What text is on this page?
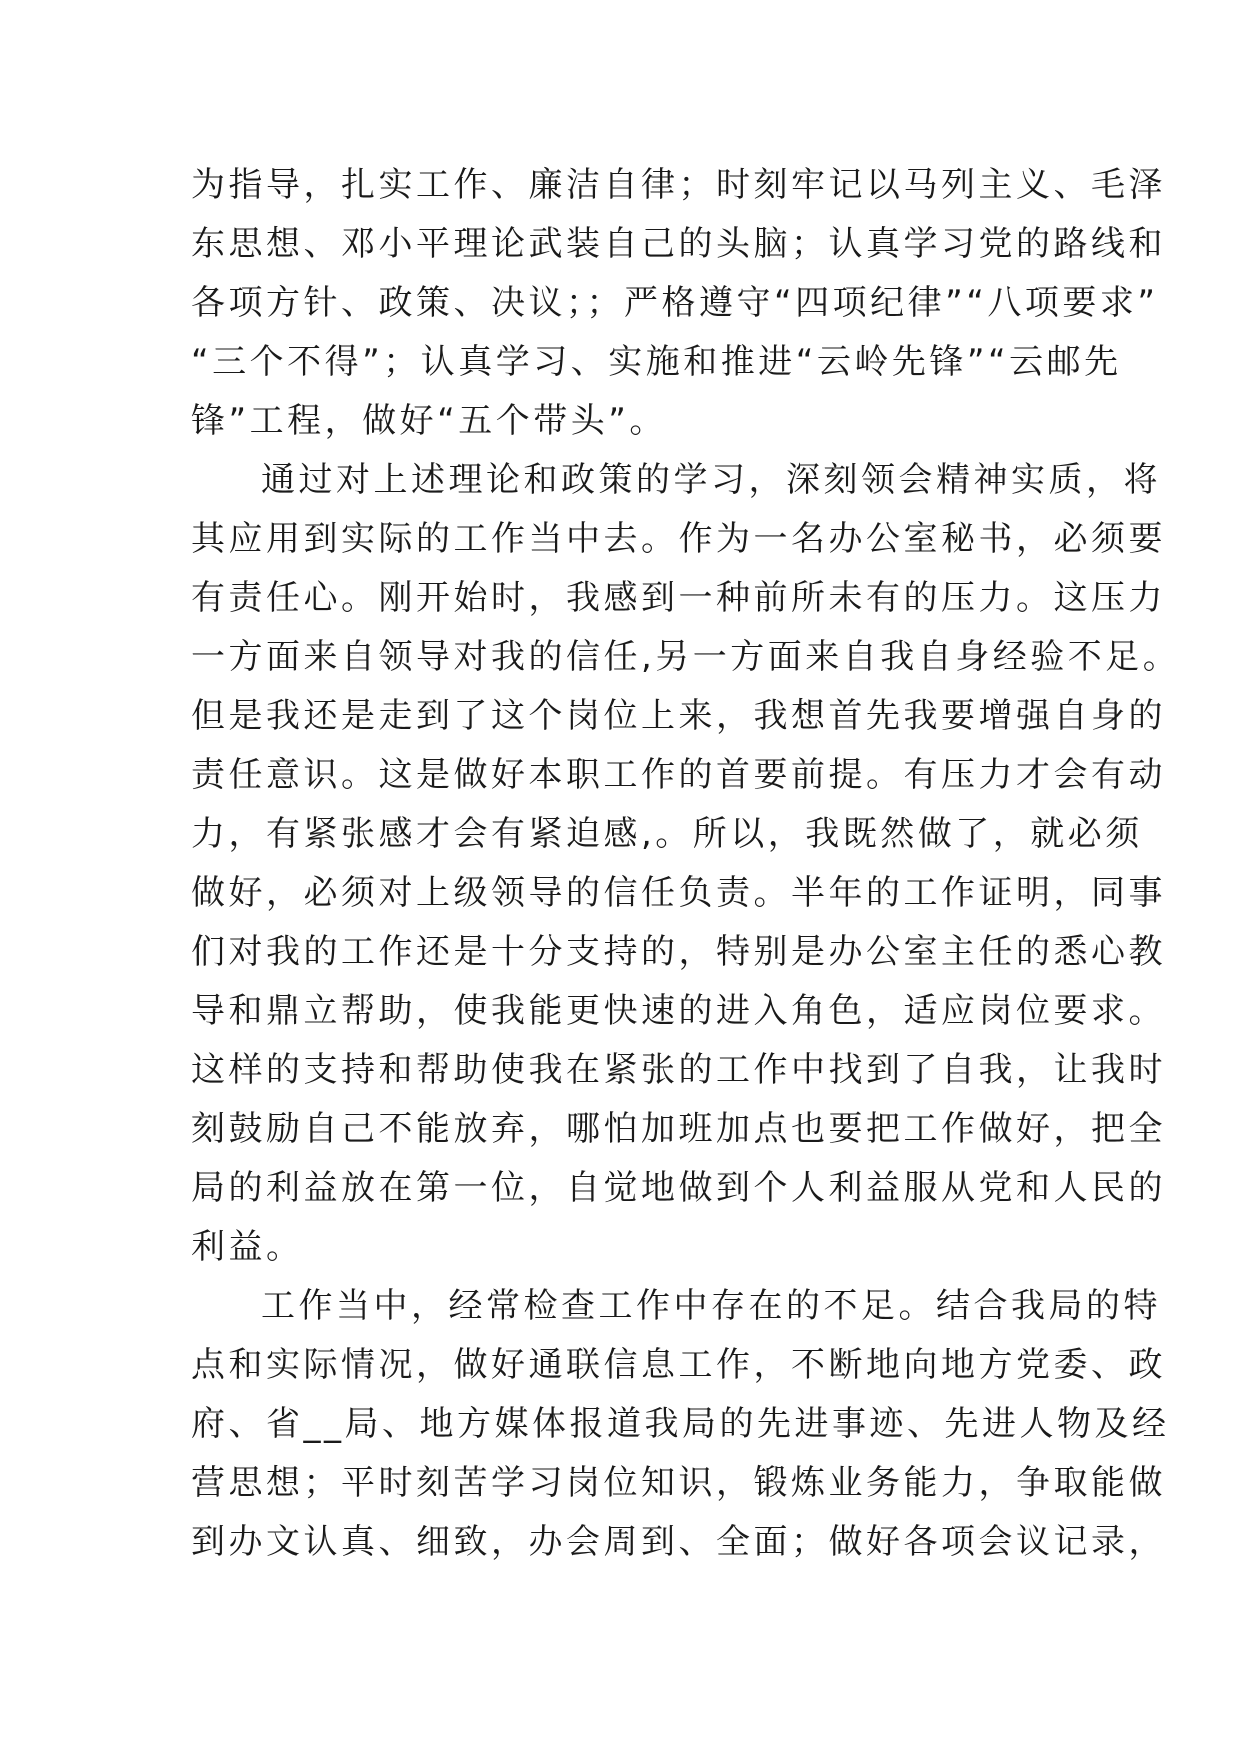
为指导，扎实工作、廉洁自律；时刻牢记以马列主义、毛泽
东思想、邓小平理论武装自己的头脑；认真学习党的路线和
各项方针、政策、决议；；严格遵守“四项纪律”“八项要求”
“三个不得”；认真学习、实施和推进“云岭先锋”“云邮先
锋”工程，做好“五个带头”。
通过对上述理论和政策的学习，深刻领会精神实质，将
其应用到实际的工作当中去。作为一名办公室秘书，必须要
有责任心。刚开始时，我感到一种前所未有的压力。这压力
一方面来自领导对我的信任,另一方面来自我自身经验不足。
但是我还是走到了这个岗位上来，我想首先我要增强自身的
责任意识。这是做好本职工作的首要前提。有压力才会有动
力，有紧张感才会有紧迫感,。所以，我既然做了，就必须
做好，必须对上级领导的信任负责。半年的工作证明，同事
们对我的工作还是十分支持的，特别是办公室主任的悉心教
导和鼎立帮助，使我能更快速的进入角色，适应岗位要求。
这样的支持和帮助使我在紧张的工作中找到了自我，让我时
刻鼓励自己不能放弃，哪怕加班加点也要把工作做好，把全
局的利益放在第一位，自觉地做到个人利益服从党和人民的
利益。
工作当中，经常检查工作中存在的不足。结合我局的特
点和实际情况，做好通联信息工作，不断地向地方党委、政
府、省__局、地方媒体报道我局的先进事迹、先进人物及经
营思想；平时刻苦学习岗位知识，锻炼业务能力，争取能做
到办文认真、细致，办会周到、全面；做好各项会议记录，
